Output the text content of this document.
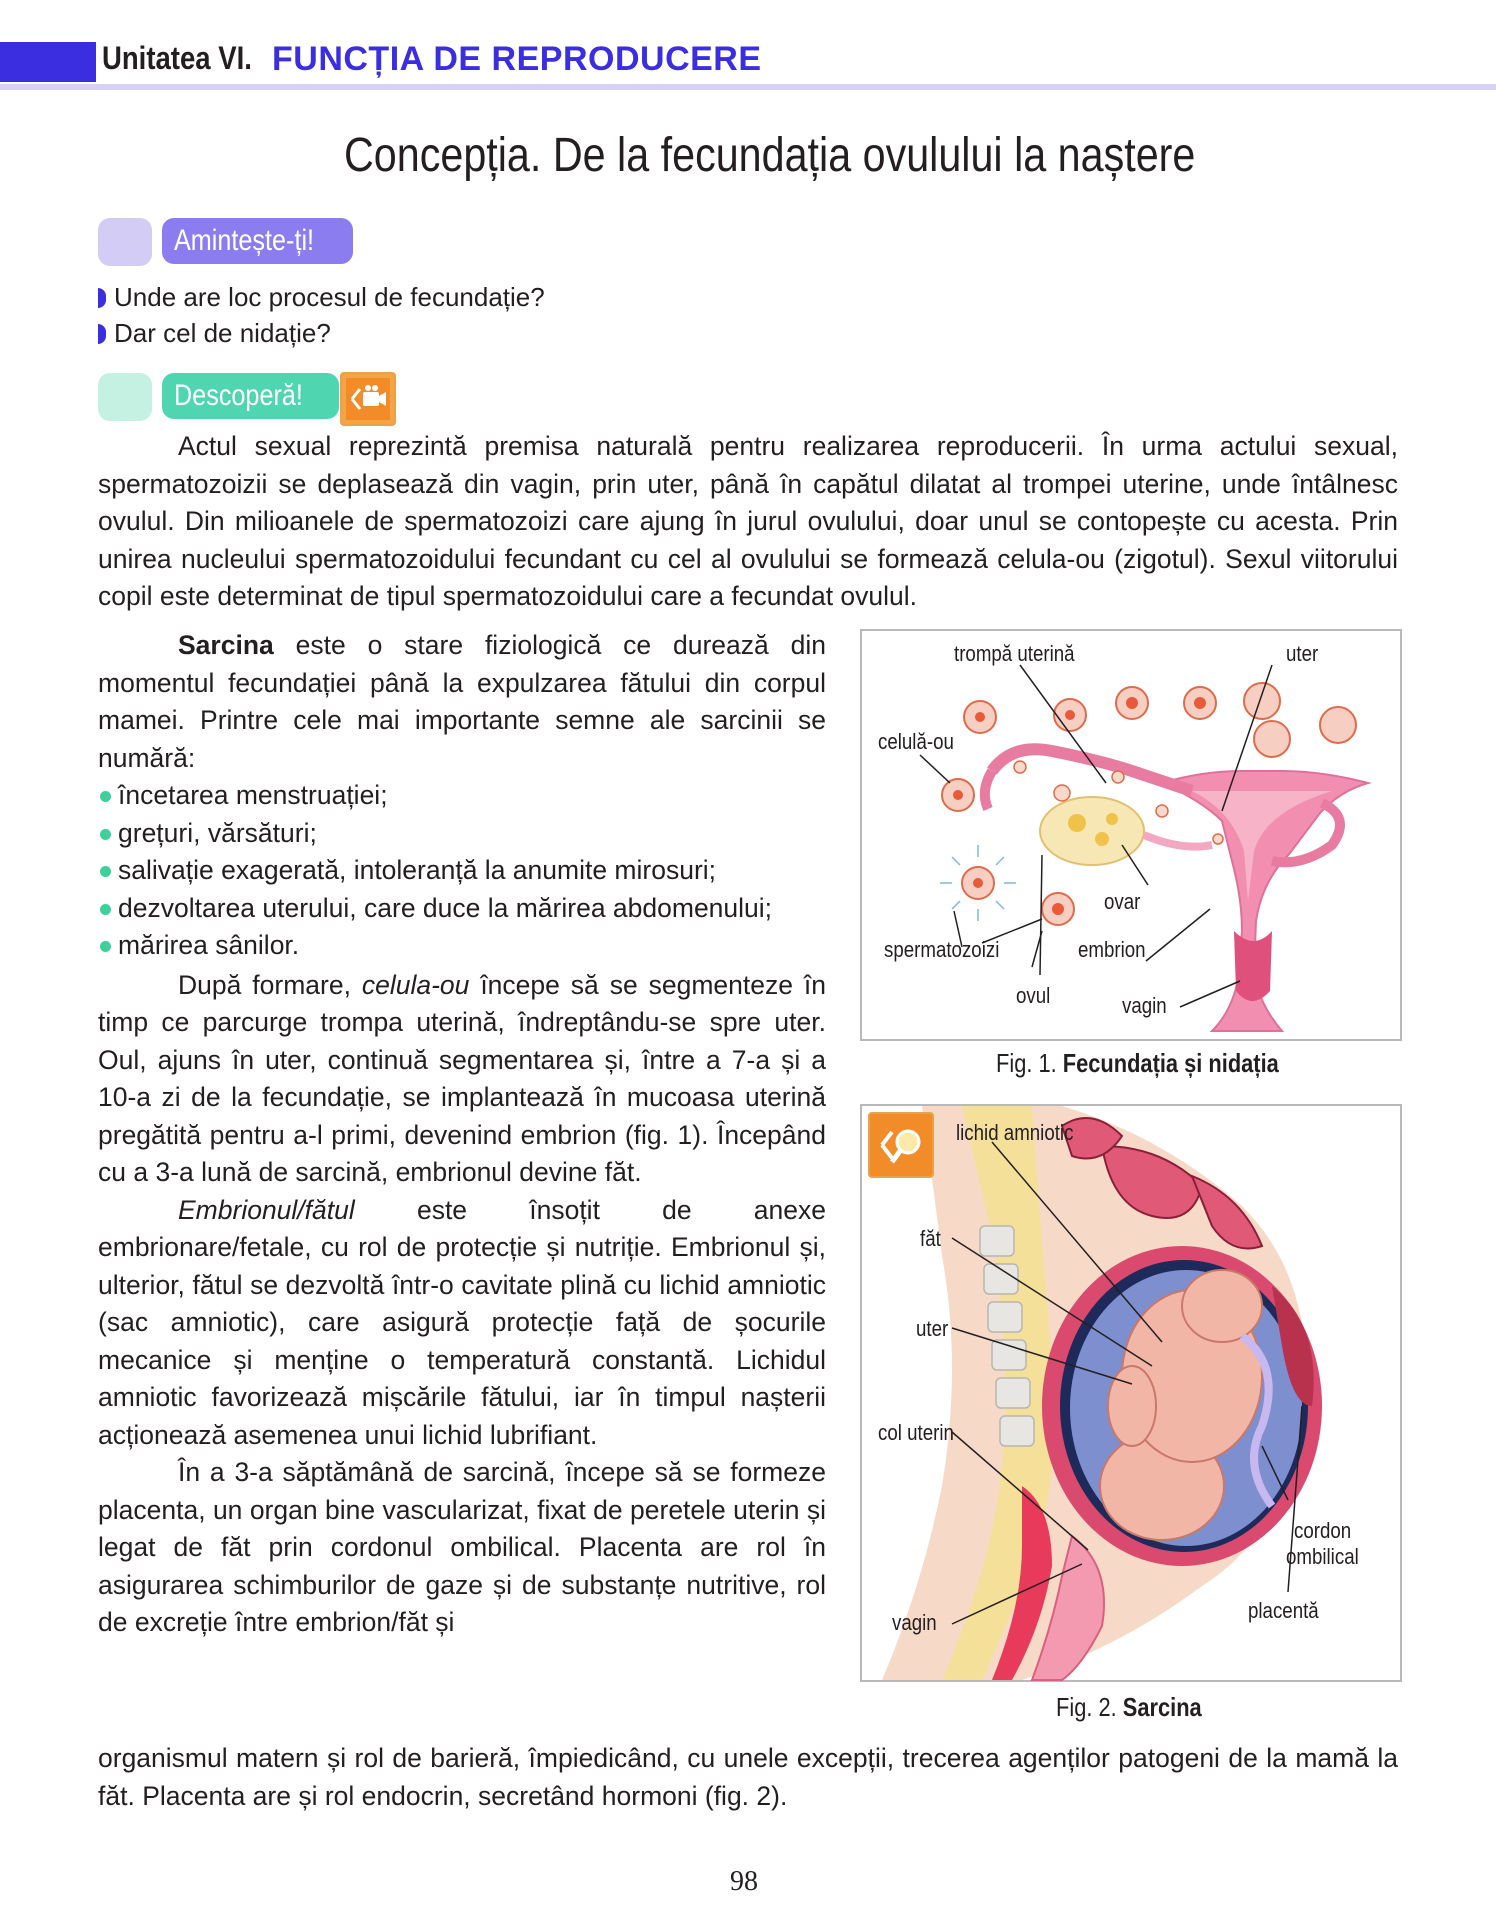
Unitatea VI. FUNCȚIA DE REPRODUCERE
Concepția. De la fecundația ovulului la naștere
Amintește-ți!
Unde are loc procesul de fecundație?
Dar cel de nidație?
Descoperă!

Actul sexual reprezintă premisa naturală pentru realizarea reproducerii. În urma actului sexual, spermatozoizii se deplasează din vagin, prin uter, până în capătul dilatat al trompei uterine, unde întâlnesc ovulul. Din milioanele de spermatozoizi care ajung în jurul ovulului, doar unul se contopește cu acesta. Prin unirea nucleului spermatozoidului fecundant cu cel al ovulului se formează celula-ou (zigotul). Sexul viitorului copil este determinat de tipul spermatozoidului care a fecundat ovulul.

Sarcina este o stare fiziologică ce durează din momentul fecundației până la expulzarea fătului din corpul mamei. Printre cele mai importante semne ale sarcinii se numără:

încetarea menstruației;
grețuri, vărsături;
salivație exagerată, intoleranță la anumite mirosuri;
dezvoltarea uterului, care duce la mărirea abdomenului;
mărirea sânilor.

După formare, celula-ou începe să se segmenteze în timp ce parcurge trompa uterină, îndreptându-se spre uter. Oul, ajuns în uter, continuă segmentarea și, între a 7-a și a 10-a zi de la fecundație, se implantează în mucoasa uterină pregătită pentru a-l primi, devenind embrion (fig. 1). Începând cu a 3-a lună de sarcină, embrionul devine făt.

Embrionul/fătul este însoțit de anexe embrionare/fetale, cu rol de protecție și nutriție. Embrionul și, ulterior, fătul se dezvoltă într-o cavitate plină cu lichid amniotic (sac amniotic), care asigură protecție față de șocurile mecanice și menține o temperatură constantă. Lichidul amniotic favorizează mișcările fătului, iar în timpul nașterii acționează asemenea unui lichid lubrifiant.

În a 3-a săptămână de sarcină, începe să se formeze placenta, un organ bine vascularizat, fixat de peretele uterin și legat de făt prin cordonul ombilical. Placenta are rol în asigurarea schimburilor de gaze și de substanțe nutritive, rol de excreție între embrion/făt și

organismul matern și rol de barieră, împiedicând, cu unele excepții, trecerea agenților patogeni de la mamă la făt. Placenta are și rol endocrin, secretând hormoni (fig. 2).

trompă uterină	uter
celulă-ou
ovar
spermatozoizi	embrion
ovul	vagin
Fig. 1. Fecundația și nidația
lichid amniotic
făt
uter
col uterin
cordon
ombilical
placentă
vagin
Fig. 2. Sarcina
98
